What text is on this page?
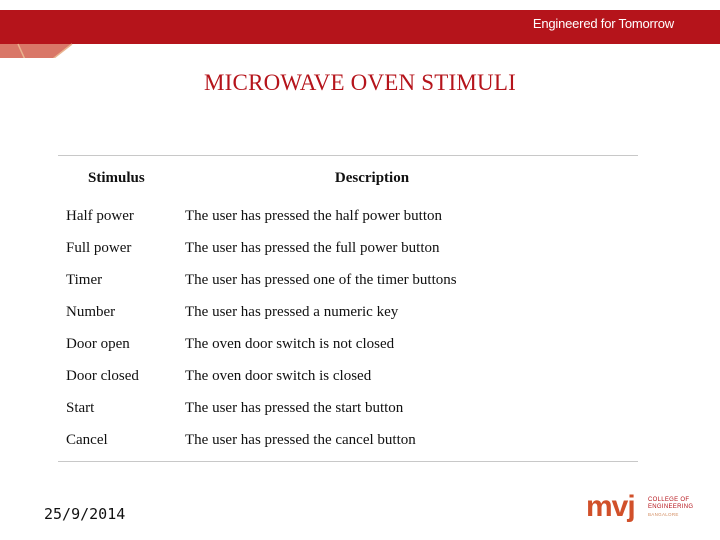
Engineered for Tomorrow
MICROWAVE OVEN STIMULI
Stimulus	Description
Half power	The user has pressed the half power button
Full power	The user has pressed the full power button
Timer	The user has pressed one of the timer buttons
Number	The user has pressed a numeric key
Door open	The oven door switch is not closed
Door closed	The oven door switch is closed
Start	The user has pressed the start button
Cancel	The user has pressed the cancel button
25/9/2014	mvj COLLEGE OF
ENGINEERING
BANGALORE
